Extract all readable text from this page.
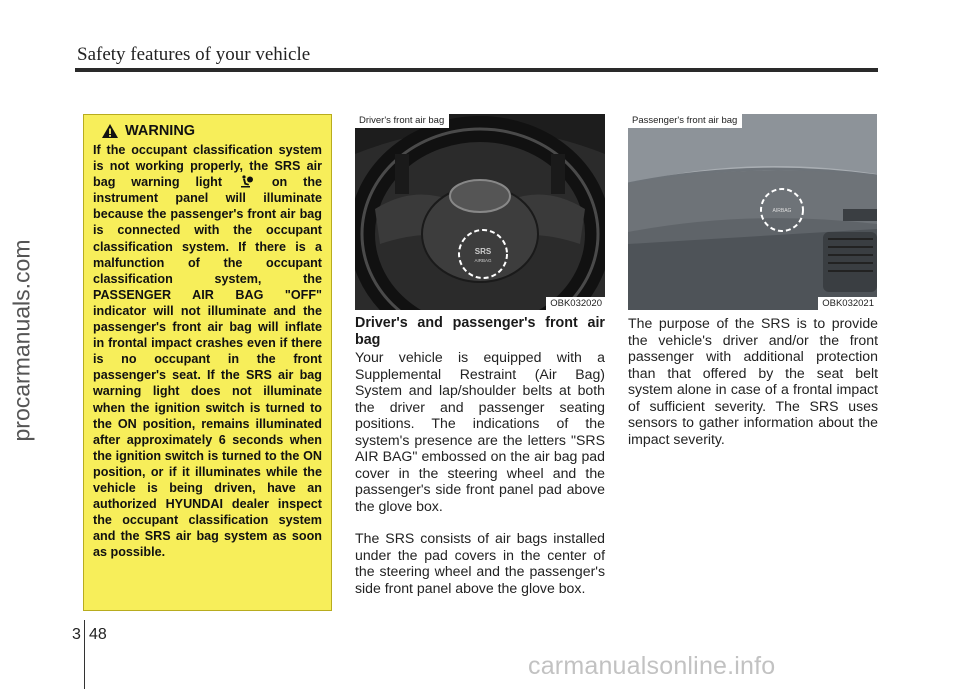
Safety features of your vehicle
procarmanuals.com
WARNING
If the occupant classification system is not working properly, the SRS air bag warning light	on the instrument panel will illuminate because the passenger's front air bag is connected with the occupant classification system. If there is a malfunction of the occupant classification system, the PASSENGER AIR BAG "OFF" indicator will not illuminate and the passenger's front air bag will inflate in frontal impact crashes even if there is no occupant in the front passenger's seat. If the SRS air bag warning light does not illuminate when the ignition switch is turned to the ON position, remains illuminated after approximately 6 seconds when the ignition switch is turned to the ON position, or if it illuminates while the vehicle is being driven, have an authorized HYUNDAI dealer inspect the occupant classification system and the SRS air bag system as soon as possible.
SRS
AIRBAG
Driver's front air bag
OBK032020
AIRBAG
Passenger's front air bag
OBK032021
Driver's and passenger's front air bag

Your vehicle is equipped with a Supplemental Restraint (Air Bag) System and lap/shoulder belts at both the driver and passenger seating positions. The indications of the system's presence are the letters "SRS AIR BAG" embossed on the air bag pad cover in the steering wheel and the passenger's side front panel pad above the glove box.

The SRS consists of air bags installed under the pad covers in the center of the steering wheel and the passenger's side front panel above the glove box.

The purpose of the SRS is to provide the vehicle's driver and/or the front passenger with additional protection than that offered by the seat belt system alone in case of a frontal impact of sufficient severity. The SRS uses sensors to gather information about the impact severity.

3 48
carmanualsonline.info
